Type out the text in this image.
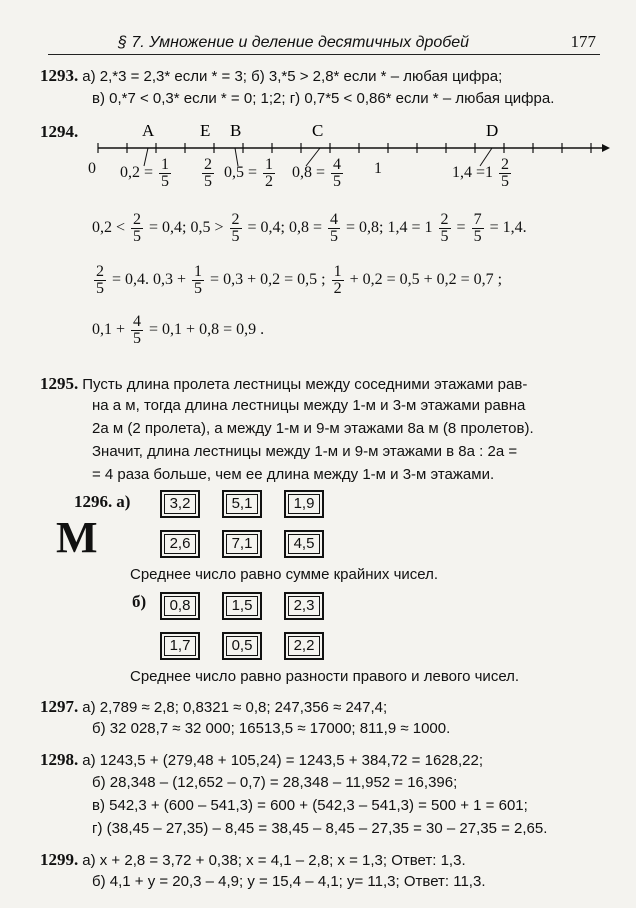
§ 7. Умножение и деление десятичных дробей	177
1293. а) 2,*3 = 2,3* если * = 3; б) 3,*5 > 2,8* если * – любая цифра;
в) 0,*7 < 0,3* если * = 0; 1;2; г) 0,7*5 < 0,86* если * – любая цифра.
1294.	A	E B	C	D
0	1
$0,2 = \frac{1}{5} \frac{2}{5} 0,5 = \frac{1}{2} 0,8 = \frac{4}{5}$	$1,4 =1 \frac{2}{5}$
$0,2 < \frac{2}{5} = 0,4$; $0,5 > \frac{2}{5} = 0,4$; $0,8 = \frac{4}{5} = 0,8$; $1,4 = 1 \frac{2}{5} = \frac{7}{5} = 1,4$.
$\frac{2}{5} = 0,4$. $0,3 + \frac{1}{5} = 0,3 + 0,2 = 0,5$ ; $\frac{1}{2} + 0,2 = 0,5 + 0,2 = 0,7$ ;
$0,1 + \frac{4}{5} = 0,1 + 0,8 = 0,9$ .
1295. Пусть длина пролета лестницы между соседними этажами рав-
на а м, тогда длина лестницы между 1-м и 3-м этажами равна
2а м (2 пролета), а между 1-м и 9-м этажами 8а м (8 пролетов).
Значит, длина лестницы между 1-м и 9-м этажами в 8а : 2а =
= 4 раза больше, чем ее длина между 1-м и 3-м этажами.
1296. а)
М
3,2	5,1	1,9
2,6	7,1	4,5
Среднее число равно сумме крайних чисел.
б)	0,8	1,5	2,3
1,7	0,5	2,2
Среднее число равно разности правого и левого чисел.
1297. а) 2,789 ≈ 2,8; 0,8321 ≈ 0,8; 247,356 ≈ 247,4;
б) 32 028,7 ≈ 32 000; 16513,5 ≈ 17000; 811,9 ≈ 1000.
1298. а) 1243,5 + (279,48 + 105,24) = 1243,5 + 384,72 = 1628,22;
б) 28,348 – (12,652 – 0,7) = 28,348 – 11,952 = 16,396;
в) 542,3 + (600 – 541,3) = 600 + (542,3 – 541,3) = 500 + 1 = 601;
г) (38,45 – 27,35) – 8,45 = 38,45 – 8,45 – 27,35 = 30 – 27,35 = 2,65.
1299. а) x + 2,8 = 3,72 + 0,38; x = 4,1 – 2,8; x = 1,3; Ответ: 1,3.
б) 4,1 + y = 20,3 – 4,9; y = 15,4 – 4,1; y= 11,3; Ответ: 11,3.
